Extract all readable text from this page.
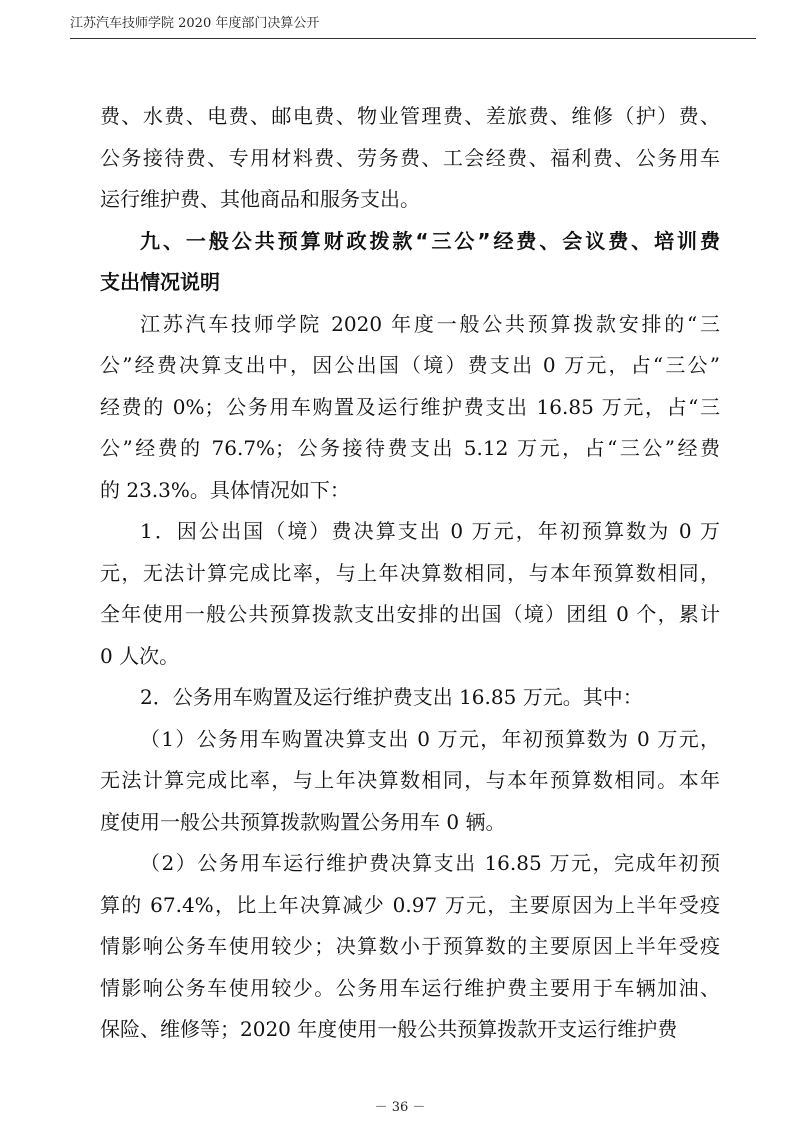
江苏汽车技师学院 2020 年度部门决算公开
费、水费、电费、邮电费、物业管理费、差旅费、维修（护）费、
公务接待费、专用材料费、劳务费、工会经费、福利费、公务用车
运行维护费、其他商品和服务支出。
九、一般公共预算财政拨款“三公”经费、会议费、培训费
支出情况说明
江苏汽车技师学院 2020 年度一般公共预算拨款安排的“三
公”经费决算支出中，因公出国（境）费支出 0 万元，占“三公”
经费的 0%；公务用车购置及运行维护费支出 16.85 万元，占“三
公”经费的 76.7%；公务接待费支出 5.12 万元，占“三公”经费
的 23.3%。具体情况如下：
1．因公出国（境）费决算支出 0 万元，年初预算数为 0 万
元，无法计算完成比率，与上年决算数相同，与本年预算数相同，
全年使用一般公共预算拨款支出安排的出国（境）团组 0 个，累计
0 人次。
2．公务用车购置及运行维护费支出 16.85 万元。其中：
（1）公务用车购置决算支出 0 万元，年初预算数为 0 万元，
无法计算完成比率，与上年决算数相同，与本年预算数相同。本年
度使用一般公共预算拨款购置公务用车 0 辆。
（2）公务用车运行维护费决算支出 16.85 万元，完成年初预
算的 67.4%，比上年决算减少 0.97 万元，主要原因为上半年受疫
情影响公务车使用较少；决算数小于预算数的主要原因上半年受疫
情影响公务车使用较少。公务用车运行维护费主要用于车辆加油、
保险、维修等；2020 年度使用一般公共预算拨款开支运行维护费
－ 36 －
